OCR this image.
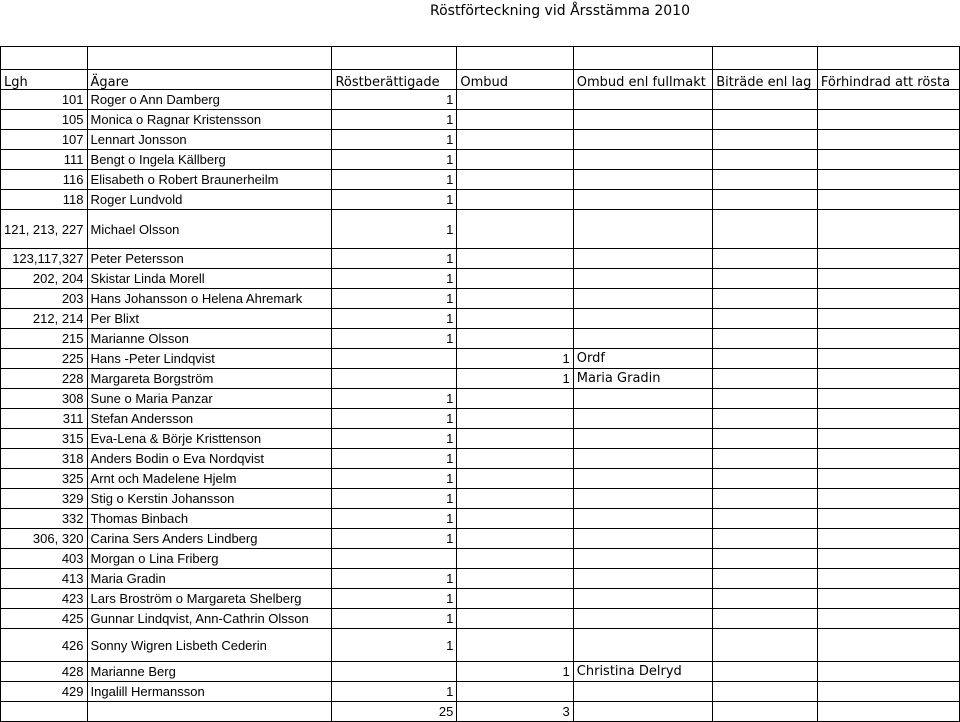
Röstförteckning vid Årsstämma 2010

Lgh	Ägare	Röstberättigade	Ombud	Ombud enl fullmakt	Biträde enl lag	Förhindrad att rösta
101	Roger o Ann Damberg	1				
105	Monica o Ragnar Kristensson	1				
107	Lennart Jonsson	1				
111	Bengt o Ingela Källberg	1				
116	Elisabeth o Robert Braunerheilm	1				
118	Roger Lundvold	1				
121, 213, 227	Michael Olsson	1				
123,117,327	Peter Petersson	1				
202, 204	Skistar Linda Morell	1				
203	Hans Johansson o Helena Ahremark	1				
212, 214	Per Blixt	1				
215	Marianne Olsson	1				
225	Hans -Peter Lindqvist		1	Ordf		
228	Margareta Borgström		1	Maria Gradin		
308	Sune o Maria Panzar	1				
311	Stefan Andersson	1				
315	Eva-Lena & Börje Kristtenson	1				
318	Anders Bodin o Eva Nordqvist	1				
325	Arnt och Madelene Hjelm	1				
329	Stig o Kerstin Johansson	1				
332	Thomas Binbach	1				
306, 320	Carina Sers Anders Lindberg	1				
403	Morgan o Lina Friberg					
413	Maria Gradin	1				
423	Lars Broström o Margareta Shelberg	1				
425	Gunnar Lindqvist, Ann-Cathrin Olsson	1				
426	Sonny Wigren Lisbeth Cederin	1				
428	Marianne Berg		1	Christina Delryd		
429	Ingalill Hermansson	1				
		25	3			
